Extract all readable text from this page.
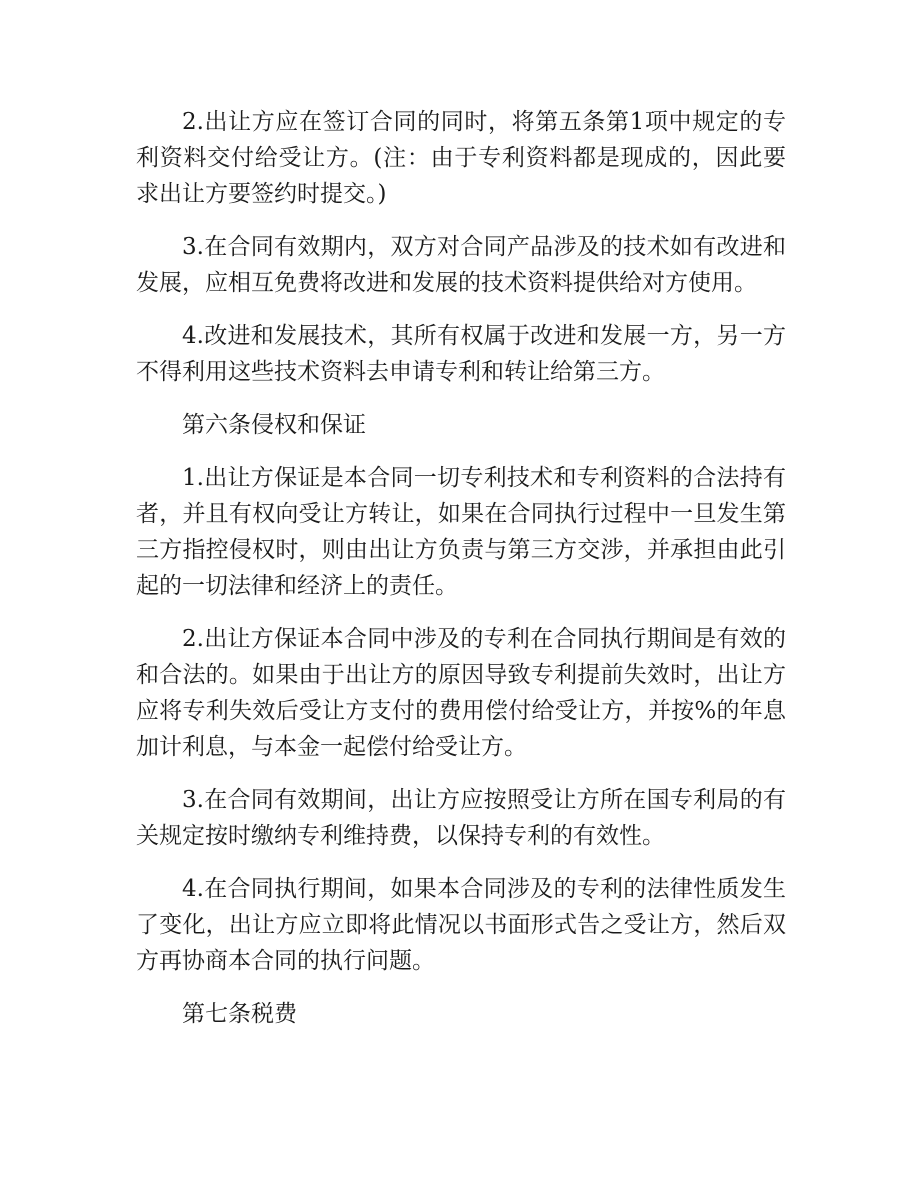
2.出让方应在签订合同的同时，将第五条第1项中规定的专利资料交付给受让方。(注：由于专利资料都是现成的，因此要求出让方要签约时提交。)

3.在合同有效期内，双方对合同产品涉及的技术如有改进和发展，应相互免费将改进和发展的技术资料提供给对方使用。

4.改进和发展技术，其所有权属于改进和发展一方，另一方不得利用这些技术资料去申请专利和转让给第三方。

第六条侵权和保证

1.出让方保证是本合同一切专利技术和专利资料的合法持有者，并且有权向受让方转让，如果在合同执行过程中一旦发生第三方指控侵权时，则由出让方负责与第三方交涉，并承担由此引起的一切法律和经济上的责任。

2.出让方保证本合同中涉及的专利在合同执行期间是有效的和合法的。如果由于出让方的原因导致专利提前失效时，出让方应将专利失效后受让方支付的费用偿付给受让方，并按%的年息加计利息，与本金一起偿付给受让方。

3.在合同有效期间，出让方应按照受让方所在国专利局的有关规定按时缴纳专利维持费，以保持专利的有效性。

4.在合同执行期间，如果本合同涉及的专利的法律性质发生了变化，出让方应立即将此情况以书面形式告之受让方，然后双方再协商本合同的执行问题。

第七条税费
